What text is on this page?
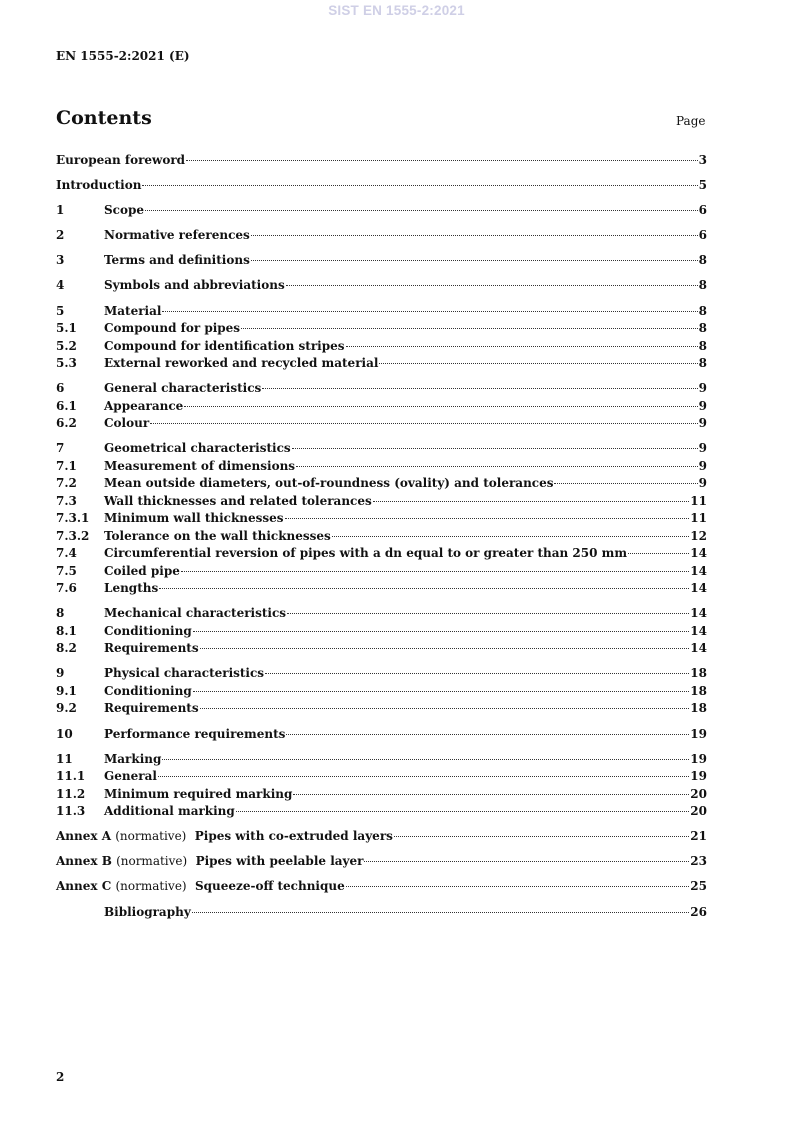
SIST EN 1555-2:2021
EN 1555-2:2021 (E)
Contents	Page
European foreword	3
Introduction	5
1	Scope	6
2	Normative references	6
3	Terms and definitions	8
4	Symbols and abbreviations	8
5	Material	8
5.1	Compound for pipes	8
5.2	Compound for identification stripes	8
5.3	External reworked and recycled material	8
6	General characteristics	9
6.1	Appearance	9
6.2	Colour	9
7	Geometrical characteristics	9
7.1	Measurement of dimensions	9
7.2	Mean outside diameters, out-of-roundness (ovality) and tolerances	9
7.3	Wall thicknesses and related tolerances	11
7.3.1	Minimum wall thicknesses	11
7.3.2	Tolerance on the wall thicknesses	12
7.4	Circumferential reversion of pipes with a dn equal to or greater than 250 mm	14
7.5	Coiled pipe	14
7.6	Lengths	14
8	Mechanical characteristics	14
8.1	Conditioning	14
8.2	Requirements	14
9	Physical characteristics	18
9.1	Conditioning	18
9.2	Requirements	18
10	Performance requirements	19
11	Marking	19
11.1	General	19
11.2	Minimum required marking	20
11.3	Additional marking	20
Annex A (normative) Pipes with co-extruded layers	21
Annex B (normative) Pipes with peelable layer	23
Annex C (normative) Squeeze-off technique	25
Bibliography	26
2
